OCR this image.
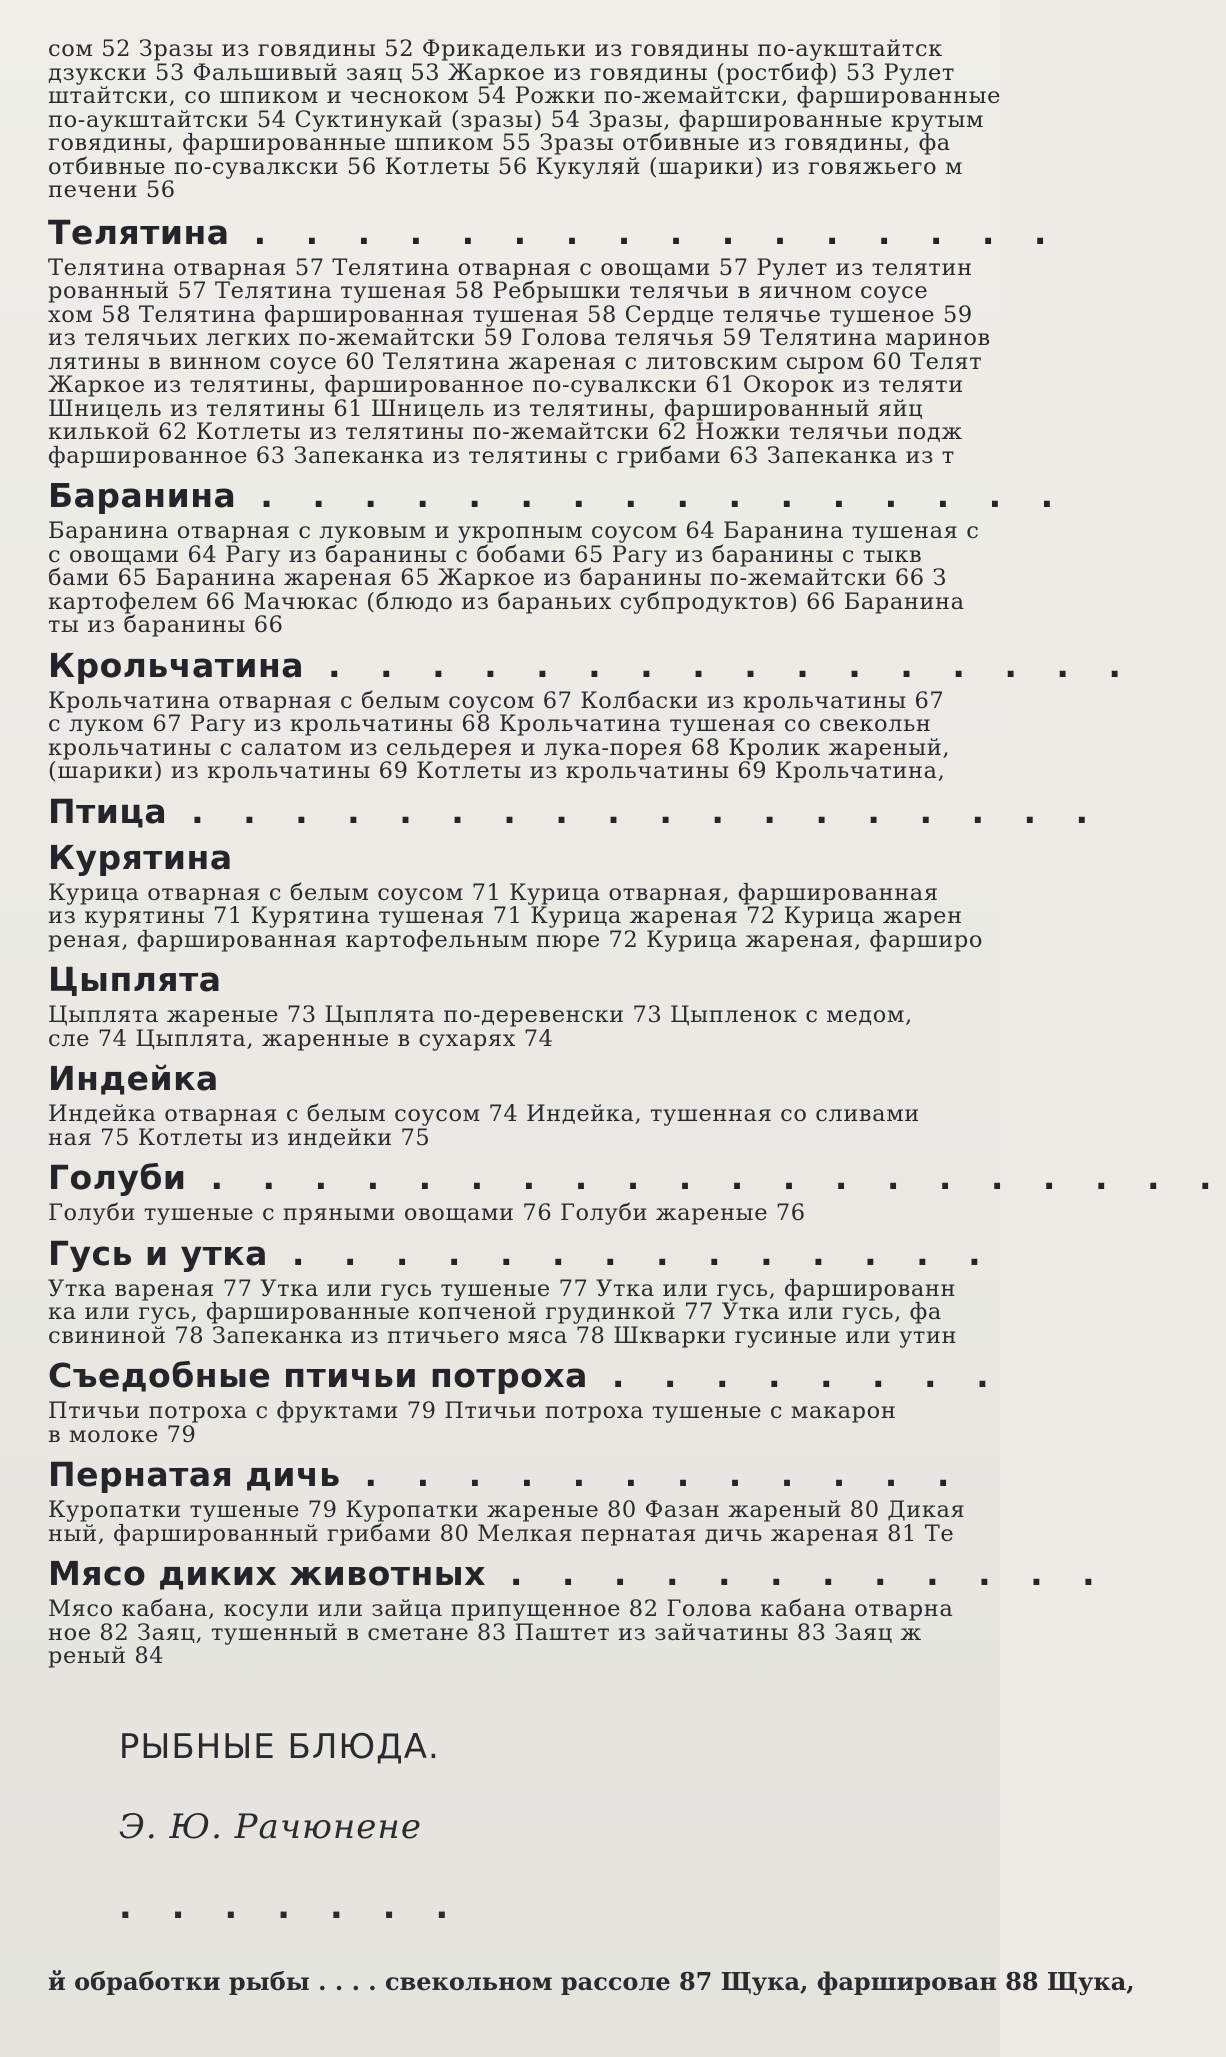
сом 52 Зразы из говядины 52 Фрикадельки из говядины по-аукштайтск
дзукски 53 Фальшивый заяц 53 Жаркое из говядины (ростбиф) 53 Рулет
штайтски, со шпиком и чесноком 54 Рожки по-жемайтски, фаршированные
по-аукштайтски 54 Суктинукай (зразы) 54 Зразы, фаршированные крутым
говядины, фаршированные шпиком 55 Зразы отбивные из говядины, фа
отбивные по-сувалкски 56 Котлеты 56 Кукуляй (шарики) из говяжьего м
печени 56
Телятина . . . . . . . . . . . . . . . .
Телятина отварная 57 Телятина отварная с овощами 57 Рулет из телятин
рованный 57 Телятина тушеная 58 Ребрышки телячьи в яичном соусе
хом 58 Телятина фаршированная тушеная 58 Сердце телячье тушеное 59
из телячьих легких по-жемайтски 59 Голова телячья 59 Телятина маринов
лятины в винном соусе 60 Телятина жареная с литовским сыром 60 Телят
Жаркое из телятины, фаршированное по-сувалкски 61 Окорок из теляти
Шницель из телятины 61 Шницель из телятины, фаршированный яйц
килькой 62 Котлеты из телятины по-жемайтски 62 Ножки телячьи подж
фаршированное 63 Запеканка из телятины с грибами 63 Запеканка из т
Баранина . . . . . . . . . . . . . . . .
Баранина отварная с луковым и укропным соусом 64 Баранина тушеная с
с овощами 64 Рагу из баранины с бобами 65 Рагу из баранины с тыкв
бами 65 Баранина жареная 65 Жаркое из баранины по-жемайтски 66 З
картофелем 66 Мачюкас (блюдо из бараньих субпродуктов) 66 Баранина
ты из баранины 66
Крольчатина . . . . . . . . . . . . . . . .
Крольчатина отварная с белым соусом 67 Колбаски из крольчатины 67
с луком 67 Рагу из крольчатины 68 Крольчатина тушеная со свекольн
крольчатины с салатом из сельдерея и лука-порея 68 Кролик жареный,
(шарики) из крольчатины 69 Котлеты из крольчатины 69 Крольчатина,
Птица . . . . . . . . . . . . . . . . . .
Курятина
Курица отварная с белым соусом 71 Курица отварная, фаршированная
из курятины 71 Курятина тушеная 71 Курица жареная 72 Курица жарен
реная, фаршированная картофельным пюре 72 Курица жареная, фарширо
Цыплята
Цыплята жареные 73 Цыплята по-деревенски 73 Цыпленок с медом,
сле 74 Цыплята, жаренные в сухарях 74
Индейка
Индейка отварная с белым соусом 74 Индейка, тушенная со сливами
ная 75 Котлеты из индейки 75
Голуби . . . . . . . . . . . . . . . . . . . .
Голуби тушеные с пряными овощами 76 Голуби жареные 76
Гусь и утка . . . . . . . . . . . . . .
Утка вареная 77 Утка или гусь тушеные 77 Утка или гусь, фаршированн
ка или гусь, фаршированные копченой грудинкой 77 Утка или гусь, фа
свининой 78 Запеканка из птичьего мяса 78 Шкварки гусиные или утин
Съедобные птичьи потроха . . . . . . . .
Птичьи потроха с фруктами 79 Птичьи потроха тушеные с макарон
в молоке 79
Пернатая дичь . . . . . . . . . . . .
Куропатки тушеные 79 Куропатки жареные 80 Фазан жареный 80 Дикая
ный, фаршированный грибами 80 Мелкая пернатая дичь жареная 81 Те
Мясо диких животных . . . . . . . . . . . .
Мясо кабана, косули или зайца припущенное 82 Голова кабана отварна
ное 82 Заяц, тушенный в сметане 83 Паштет из зайчатины 83 Заяц ж
реный 84

РЫБНЫЕ БЛЮДА.

Э. Ю. Рачюнене

. . . . . . .

й обработки рыбы . . . . свекольном рассоле 87 Щука, фарширован 88 Щука,
